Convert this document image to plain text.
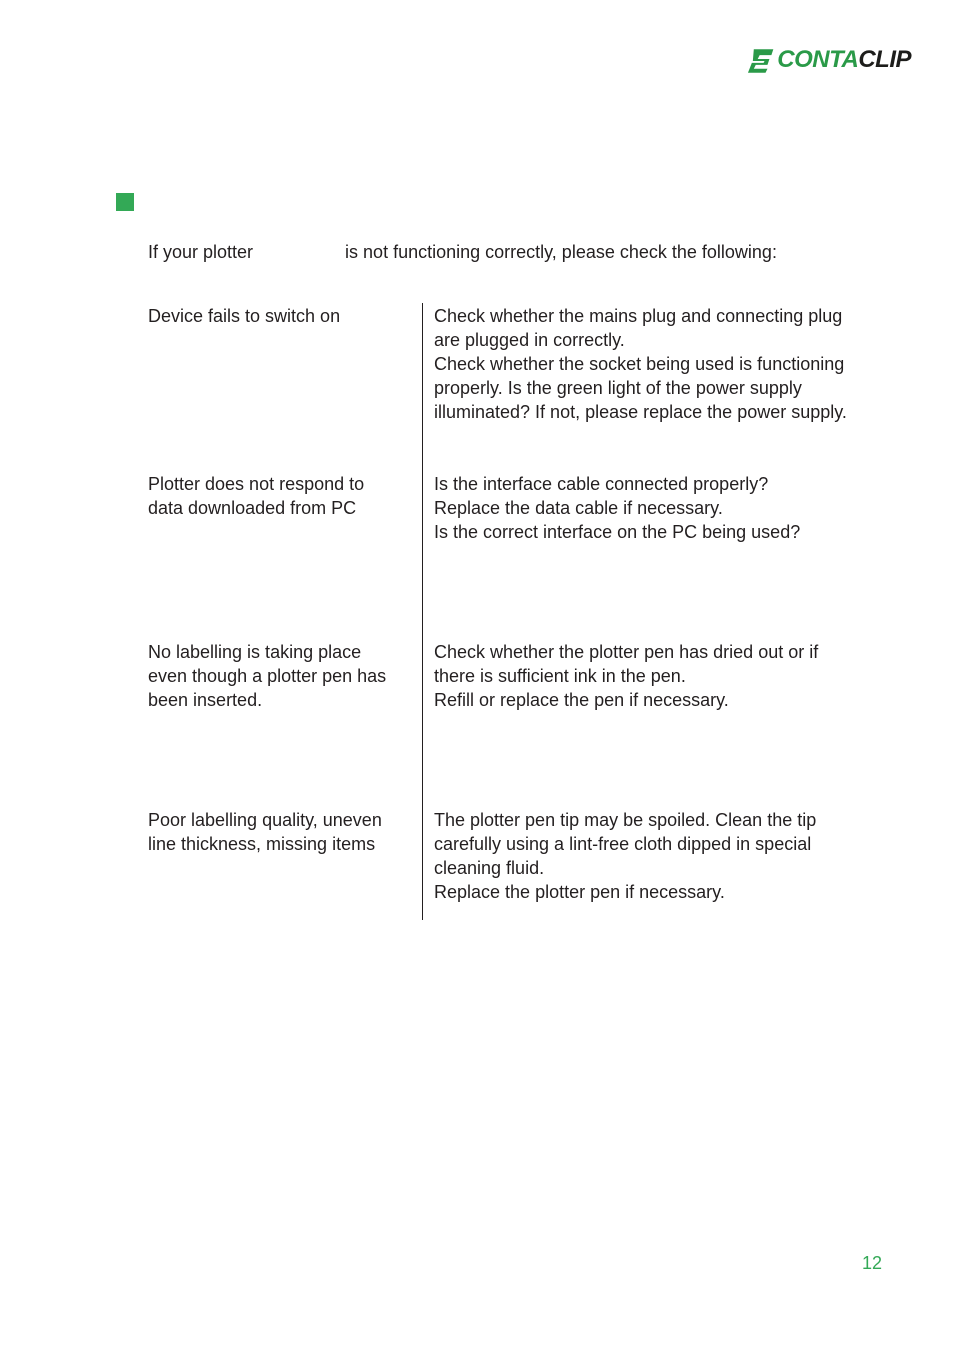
CONTACLIP
If your plotter	is not functioning correctly, please check the following:
Device fails to switch on	Check whether the mains plug and connecting plug
are plugged in correctly.
Check whether the socket being used is functioning
properly. Is the green light of the power supply
illuminated? If not, please replace the power supply.
Plotter does not respond to
data downloaded from PC
Is the interface cable connected properly?
Replace the data cable if necessary.
Is the correct interface on the PC being used?
No labelling is taking place
even though a plotter pen has
been inserted.
Check whether the plotter pen has dried out or if
there is sufficient ink in the pen.
Refill or replace the pen if necessary.
Poor labelling quality, uneven
line thickness, missing items
The plotter pen tip may be spoiled. Clean the tip
carefully using a lint-free cloth dipped in special
cleaning fluid.
Replace the plotter pen if necessary.
12
